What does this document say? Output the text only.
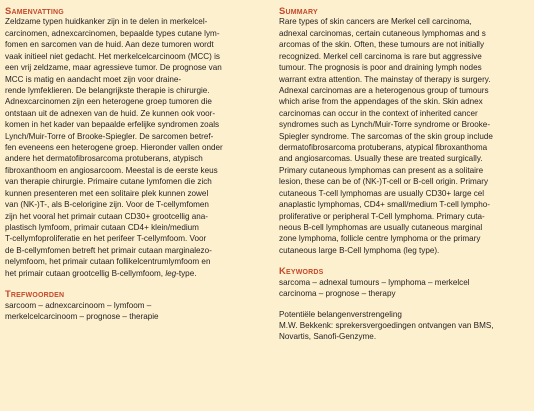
Samenvatting
Zeldzame typen huidkanker zijn in te delen in merkelcel-
carcinomen, adnexcarcinomen, bepaalde types cutane lym-
fomen en sarcomen van de huid. Aan deze tumoren wordt
vaak initieel niet gedacht. Het merkelcelcarcinoom (MCC) is
een vrij zeldzame, maar agressieve tumor. De prognose van
MCC is matig en aandacht moet zijn voor draine-
rende lymfeklieren. De belangrijkste therapie is chirurgie.
Adnexcarcinomen zijn een heterogene groep tumoren die
ontstaan uit de adnexen van de huid. Ze kunnen ook voor-
komen in het kader van bepaalde erfelijke syndromen zoals
Lynch/Muir-Torre of Brooke-Spiegler. De sarcomen betref-
fen eveneens een heterogene groep. Hieronder vallen onder
andere het dermatofibrosarcoma protuberans, atypisch
fibroxanthoom en angiosarcoom. Meestal is de eerste keus
van therapie chirurgie. Primaire cutane lymfomen die zich
kunnen presenteren met een solitaire plek kunnen zowel
van (NK-)T-, als B-celorigine zijn. Voor de T-cellymfomen
zijn het vooral het primair cutaan CD30+ grootcellig ana-
plastisch lymfoom, primair cutaan CD4+ klein/medium
T-cellymfoproliferatie en het perifeer T-cellymfoom. Voor
de B-cellymfomen betreft het primair cutaan marginalezo-
nelymfoom, het primair cutaan follikelcentrumlymfoom en
het primair cutaan grootcellig B-cellymfoom, leg-type.
Trefwoorden
sarcoom – adnexcarcinoom – lymfoom –
merkelcelcarcinoom – prognose – therapie
Summary
Rare types of skin cancers are Merkel cell carcinoma,
adnexal carcinomas, certain cutaneous lymphomas and s
arcomas of the skin. Often, these tumours are not initially
recognized. Merkel cell carcinoma is rare but aggressive
tumour. The prognosis is poor and draining lymph nodes
warrant extra attention. The mainstay of therapy is surgery.
Adnexal carcinomas are a heterogenous group of tumours
which arise from the appendages of the skin. Skin adnex
carcinomas can occur in the context of inherited cancer
syndromes such as Lynch/Muir-Torre syndrome or Brooke-
Spiegler syndrome. The sarcomas of the skin group include
dermatofibrosarcoma protuberans, atypical fibroxanthoma
and angiosarcomas. Usually these are treated surgically.
Primary cutaneous lymphomas can present as a solitaire
lesion, these can be of (NK-)T-cell or B-cell origin. Primary
cutaneous T-cell lymphomas are usually CD30+ large cel
anaplastic lymphomas, CD4+ small/medium T-cell lympho-
proliferative or peripheral T-Cell lymphoma. Primary cuta-
neous B-cell lymphomas are usually cutaneous marginal
zone lymphoma, follicle centre lymphoma or the primary
cutaneous large B-Cell lymphoma (leg type).
Keywords
sarcoma – adnexal tumours – lymphoma – merkelcel
carcinoma – prognose – therapy
Potentiële belangenverstrengeling
M.W. Bekkenk: sprekersvergoedingen ontvangen van BMS,
Novartis, Sanofi-Genzyme.
